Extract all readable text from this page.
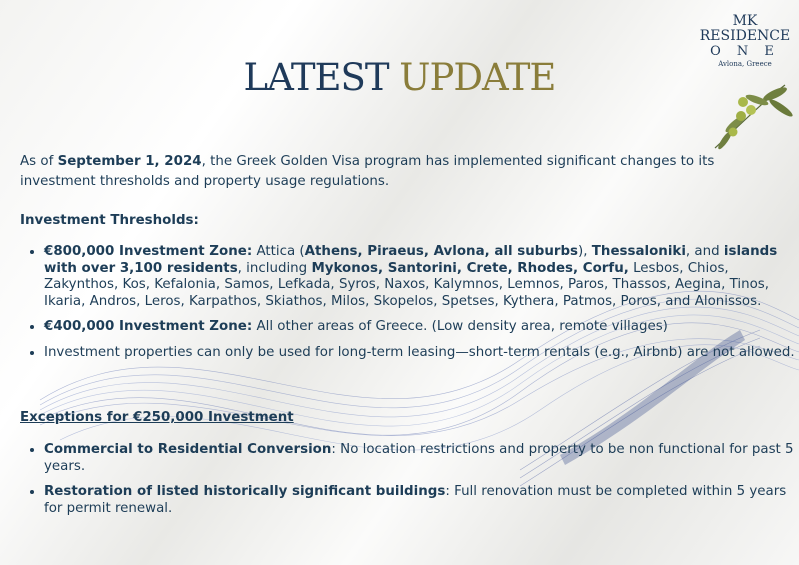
MK
RESIDENCE
O N E
Avlona, Greece
LATEST UPDATE

As of September 1, 2024, the Greek Golden Visa program has implemented significant changes to its investment thresholds and property usage regulations.

Investment Thresholds:

• €800,000 Investment Zone: Attica (Athens, Piraeus, Avlona, all suburbs), Thessaloniki, and islands with over 3,100 residents, including Mykonos, Santorini, Crete, Rhodes, Corfu, Lesbos, Chios, Zakynthos, Kos, Kefalonia, Samos, Lefkada, Syros, Naxos, Kalymnos, Lemnos, Paros, Thassos, Aegina, Tinos, Ikaria, Andros, Leros, Karpathos, Skiathos, Milos, Skopelos, Spetses, Kythera, Patmos, Poros, and Alonissos.
• €400,000 Investment Zone: All other areas of Greece. (Low density area, remote villages)
• Investment properties can only be used for long-term leasing—short-term rentals (e.g., Airbnb) are not allowed.

Exceptions for €250,000 Investment

• Commercial to Residential Conversion: No location restrictions and property to be non functional for past 5 years.
• Restoration of listed historically significant buildings: Full renovation must be completed within 5 years for permit renewal.
